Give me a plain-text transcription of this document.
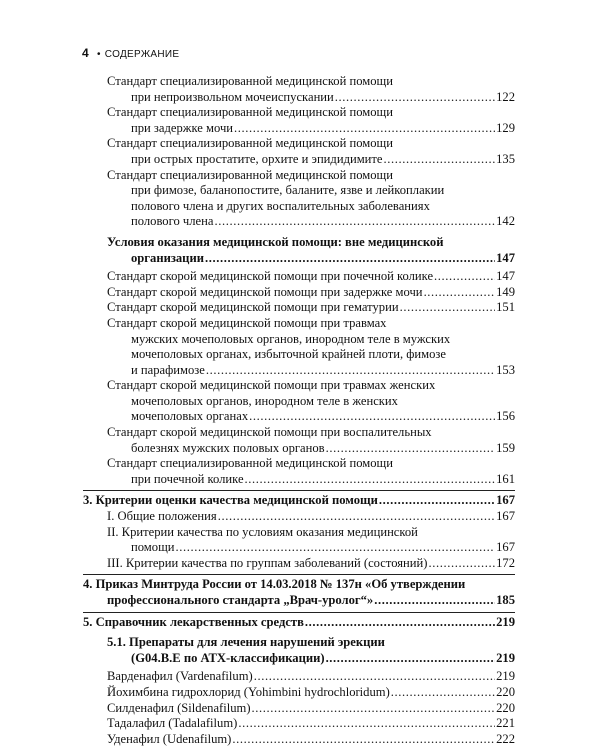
4 • СОДЕРЖАНИЕ
Стандарт специализированной медицинской помощи
при непроизвольном мочеиспускании .....	122
Стандарт специализированной медицинской помощи
при задержке мочи .....	129
Стандарт специализированной медицинской помощи
при острых простатите, орхите и эпидидимите .....	135
Стандарт специализированной медицинской помощи
при фимозе, баланопостите, баланите, язве и лейкоплакии
полового члена и других воспалительных заболеваниях
полового члена .....	142
Условия оказания медицинской помощи: вне медицинской
организации .....	147
Стандарт скорой медицинской помощи при почечной колике .....	147
Стандарт скорой медицинской помощи при задержке мочи .....	149
Стандарт скорой медицинской помощи при гематурии .....	151
Стандарт скорой медицинской помощи при травмах
мужских мочеполовых органов, инородном теле в мужских
мочеполовых органах, избыточной крайней плоти, фимозе
и парафимозе .....	153
Стандарт скорой медицинской помощи при травмах женских
мочеполовых органов, инородном теле в женских
мочеполовых органах .....	156
Стандарт скорой медицинской помощи при воспалительных
болезнях мужских половых органов .....	159
Стандарт специализированной медицинской помощи
при почечной колике .....	161
3. Критерии оценки качества медицинской помощи .....	167
I. Общие положения .....	167
II. Критерии качества по условиям оказания медицинской
помощи .....	167
III. Критерии качества по группам заболеваний (состояний) .....	172
4. Приказ Минтруда России от 14.03.2018 № 137н «Об утверждении
профессионального стандарта „Врач-уролог“» .....	185
5. Справочник лекарственных средств .....	219
5.1. Препараты для лечения нарушений эрекции
(G04.B.E по АТХ-классификации) .....	219
Варденафил (Vardenafilum) .....	219
Йохимбина гидрохлорид (Yohimbini hydrochloridum) .....	220
Силденафил (Sildenafilum) .....	220
Тадалафил (Tadalafilum) .....	221
Уденафил (Udenafilum) .....	222
